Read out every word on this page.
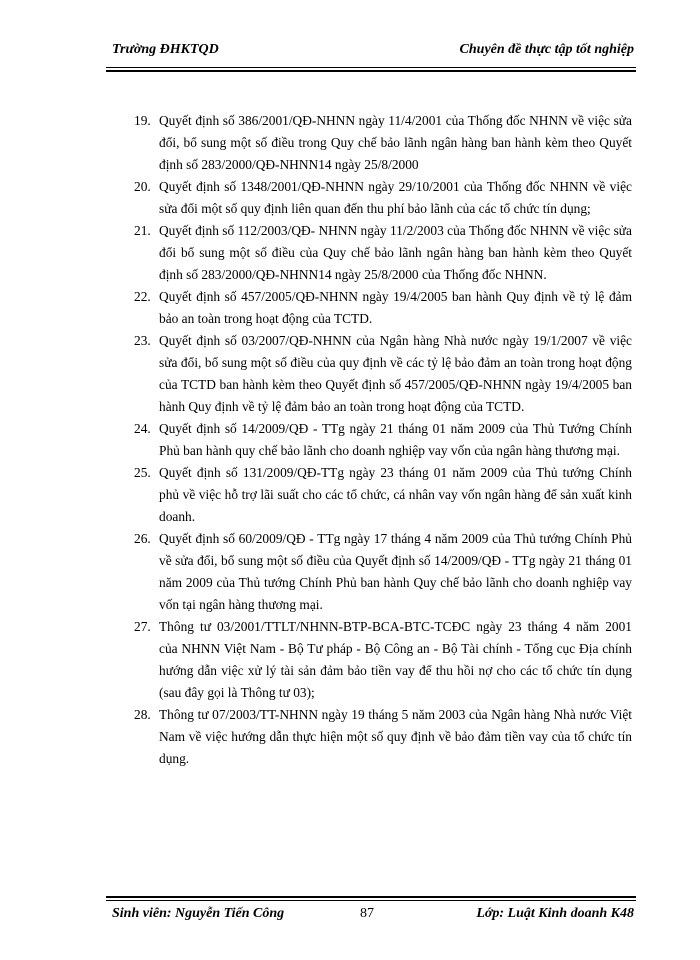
Trường ĐHKTQD	Chuyên đề thực tập tốt nghiệp
19. Quyết định số 386/2001/QĐ-NHNN ngày 11/4/2001 của Thống đốc NHNN về việc sửa đổi, bổ sung một số điều trong Quy chế bảo lãnh ngân hàng ban hành kèm theo Quyết định số 283/2000/QĐ-NHNN14 ngày 25/8/2000
20. Quyết định số 1348/2001/QĐ-NHNN ngày 29/10/2001 của Thống đốc NHNN về việc sửa đổi một số quy định liên quan đến thu phí bảo lãnh của các tổ chức tín dụng;
21. Quyết định số 112/2003/QĐ- NHNN ngày 11/2/2003 của Thống đốc NHNN về việc sửa đổi bổ sung một số điều của Quy chế bảo lãnh ngân hàng ban hành kèm theo Quyết định số 283/2000/QĐ-NHNN14 ngày 25/8/2000 của Thống đốc NHNN.
22. Quyết định số 457/2005/QĐ-NHNN ngày 19/4/2005 ban hành Quy định về tỷ lệ đảm bảo an toàn trong hoạt động của TCTD.
23. Quyết định số 03/2007/QĐ-NHNN của Ngân hàng Nhà nước ngày 19/1/2007 về việc sửa đổi, bổ sung một số điều của quy định về các tỷ lệ bảo đảm an toàn trong hoạt động của TCTD ban hành kèm theo Quyết định số 457/2005/QĐ-NHNN ngày 19/4/2005 ban hành Quy định về tỷ lệ đảm bảo an toàn trong hoạt động của TCTD.
24. Quyết định số 14/2009/QĐ - TTg ngày 21 tháng 01 năm 2009 của Thủ Tướng Chính Phủ ban hành quy chế bảo lãnh cho doanh nghiệp vay vốn của ngân hàng thương mại.
25. Quyết định số 131/2009/QĐ-TTg ngày 23 tháng 01 năm 2009 của Thủ tướng Chính phủ về việc hỗ trợ lãi suất cho các tổ chức, cá nhân vay vốn ngân hàng để sản xuất kinh doanh.
26. Quyết định số 60/2009/QĐ - TTg ngày 17 tháng 4 năm 2009 của Thủ tướng Chính Phủ về sửa đổi, bổ sung một số điều của Quyết định số 14/2009/QĐ - TTg ngày 21 tháng 01 năm 2009 của Thủ tướng Chính Phủ ban hành Quy chế bảo lãnh cho doanh nghiệp vay vốn tại ngân hàng thương mại.
27. Thông tư 03/2001/TTLT/NHNN-BTP-BCA-BTC-TCĐC ngày 23 tháng 4 năm 2001 của NHNN Việt Nam - Bộ Tư pháp - Bộ Công an - Bộ Tài chính - Tổng cục Địa chính hướng dẫn việc xử lý tài sản đảm bảo tiền vay để thu hồi nợ cho các tổ chức tín dụng (sau đây gọi là Thông tư 03);
28. Thông tư 07/2003/TT-NHNN ngày 19 tháng 5 năm 2003 của Ngân hàng Nhà nước Việt Nam về việc hướng dẫn thực hiện một số quy định về bảo đảm tiền vay của tổ chức tín dụng.
Sinh viên: Nguyễn Tiến Công	87	Lớp: Luật Kinh doanh K48
